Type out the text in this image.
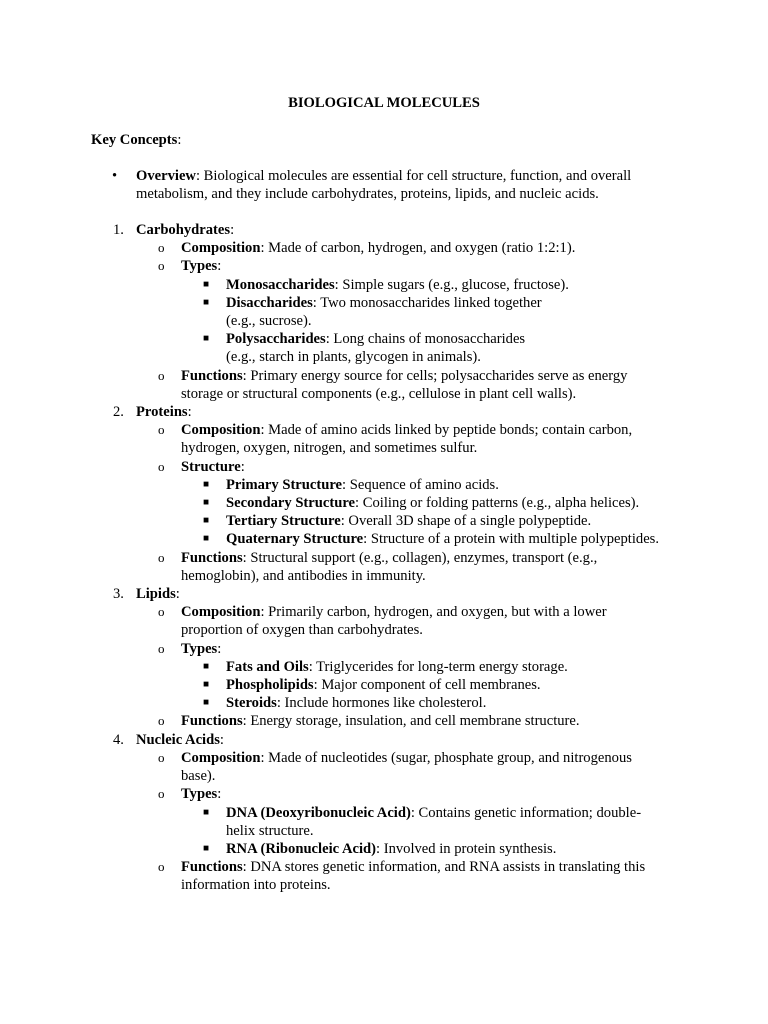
BIOLOGICAL MOLECULES
Key Concepts:
• Overview: Biological molecules are essential for cell structure, function, and overall metabolism, and they include carbohydrates, proteins, lipids, and nucleic acids.
1. Carbohydrates:
o Composition: Made of carbon, hydrogen, and oxygen (ratio 1:2:1).
o Types:
■ Monosaccharides: Simple sugars (e.g., glucose, fructose).
■ Disaccharides: Two monosaccharides linked together
(e.g., sucrose).
■ Polysaccharides: Long chains of monosaccharides
(e.g., starch in plants, glycogen in animals).
o Functions: Primary energy source for cells; polysaccharides serve as energy
storage or structural components (e.g., cellulose in plant cell walls).
2. Proteins:
o Composition: Made of amino acids linked by peptide bonds; contain carbon,
hydrogen, oxygen, nitrogen, and sometimes sulfur.
o Structure:
■ Primary Structure: Sequence of amino acids.
■ Secondary Structure: Coiling or folding patterns (e.g., alpha helices).
■ Tertiary Structure: Overall 3D shape of a single polypeptide.
■ Quaternary Structure: Structure of a protein with multiple polypeptides.
o Functions: Structural support (e.g., collagen), enzymes, transport (e.g.,
hemoglobin), and antibodies in immunity.
3. Lipids:
o Composition: Primarily carbon, hydrogen, and oxygen, but with a lower
proportion of oxygen than carbohydrates.
o Types:
■ Fats and Oils: Triglycerides for long-term energy storage.
■ Phospholipids: Major component of cell membranes.
■ Steroids: Include hormones like cholesterol.
o Functions: Energy storage, insulation, and cell membrane structure.
4. Nucleic Acids:
o Composition: Made of nucleotides (sugar, phosphate group, and nitrogenous
base).
o Types:
■ DNA (Deoxyribonucleic Acid): Contains genetic information; double-
helix structure.
■ RNA (Ribonucleic Acid): Involved in protein synthesis.
o Functions: DNA stores genetic information, and RNA assists in translating this
information into proteins.
